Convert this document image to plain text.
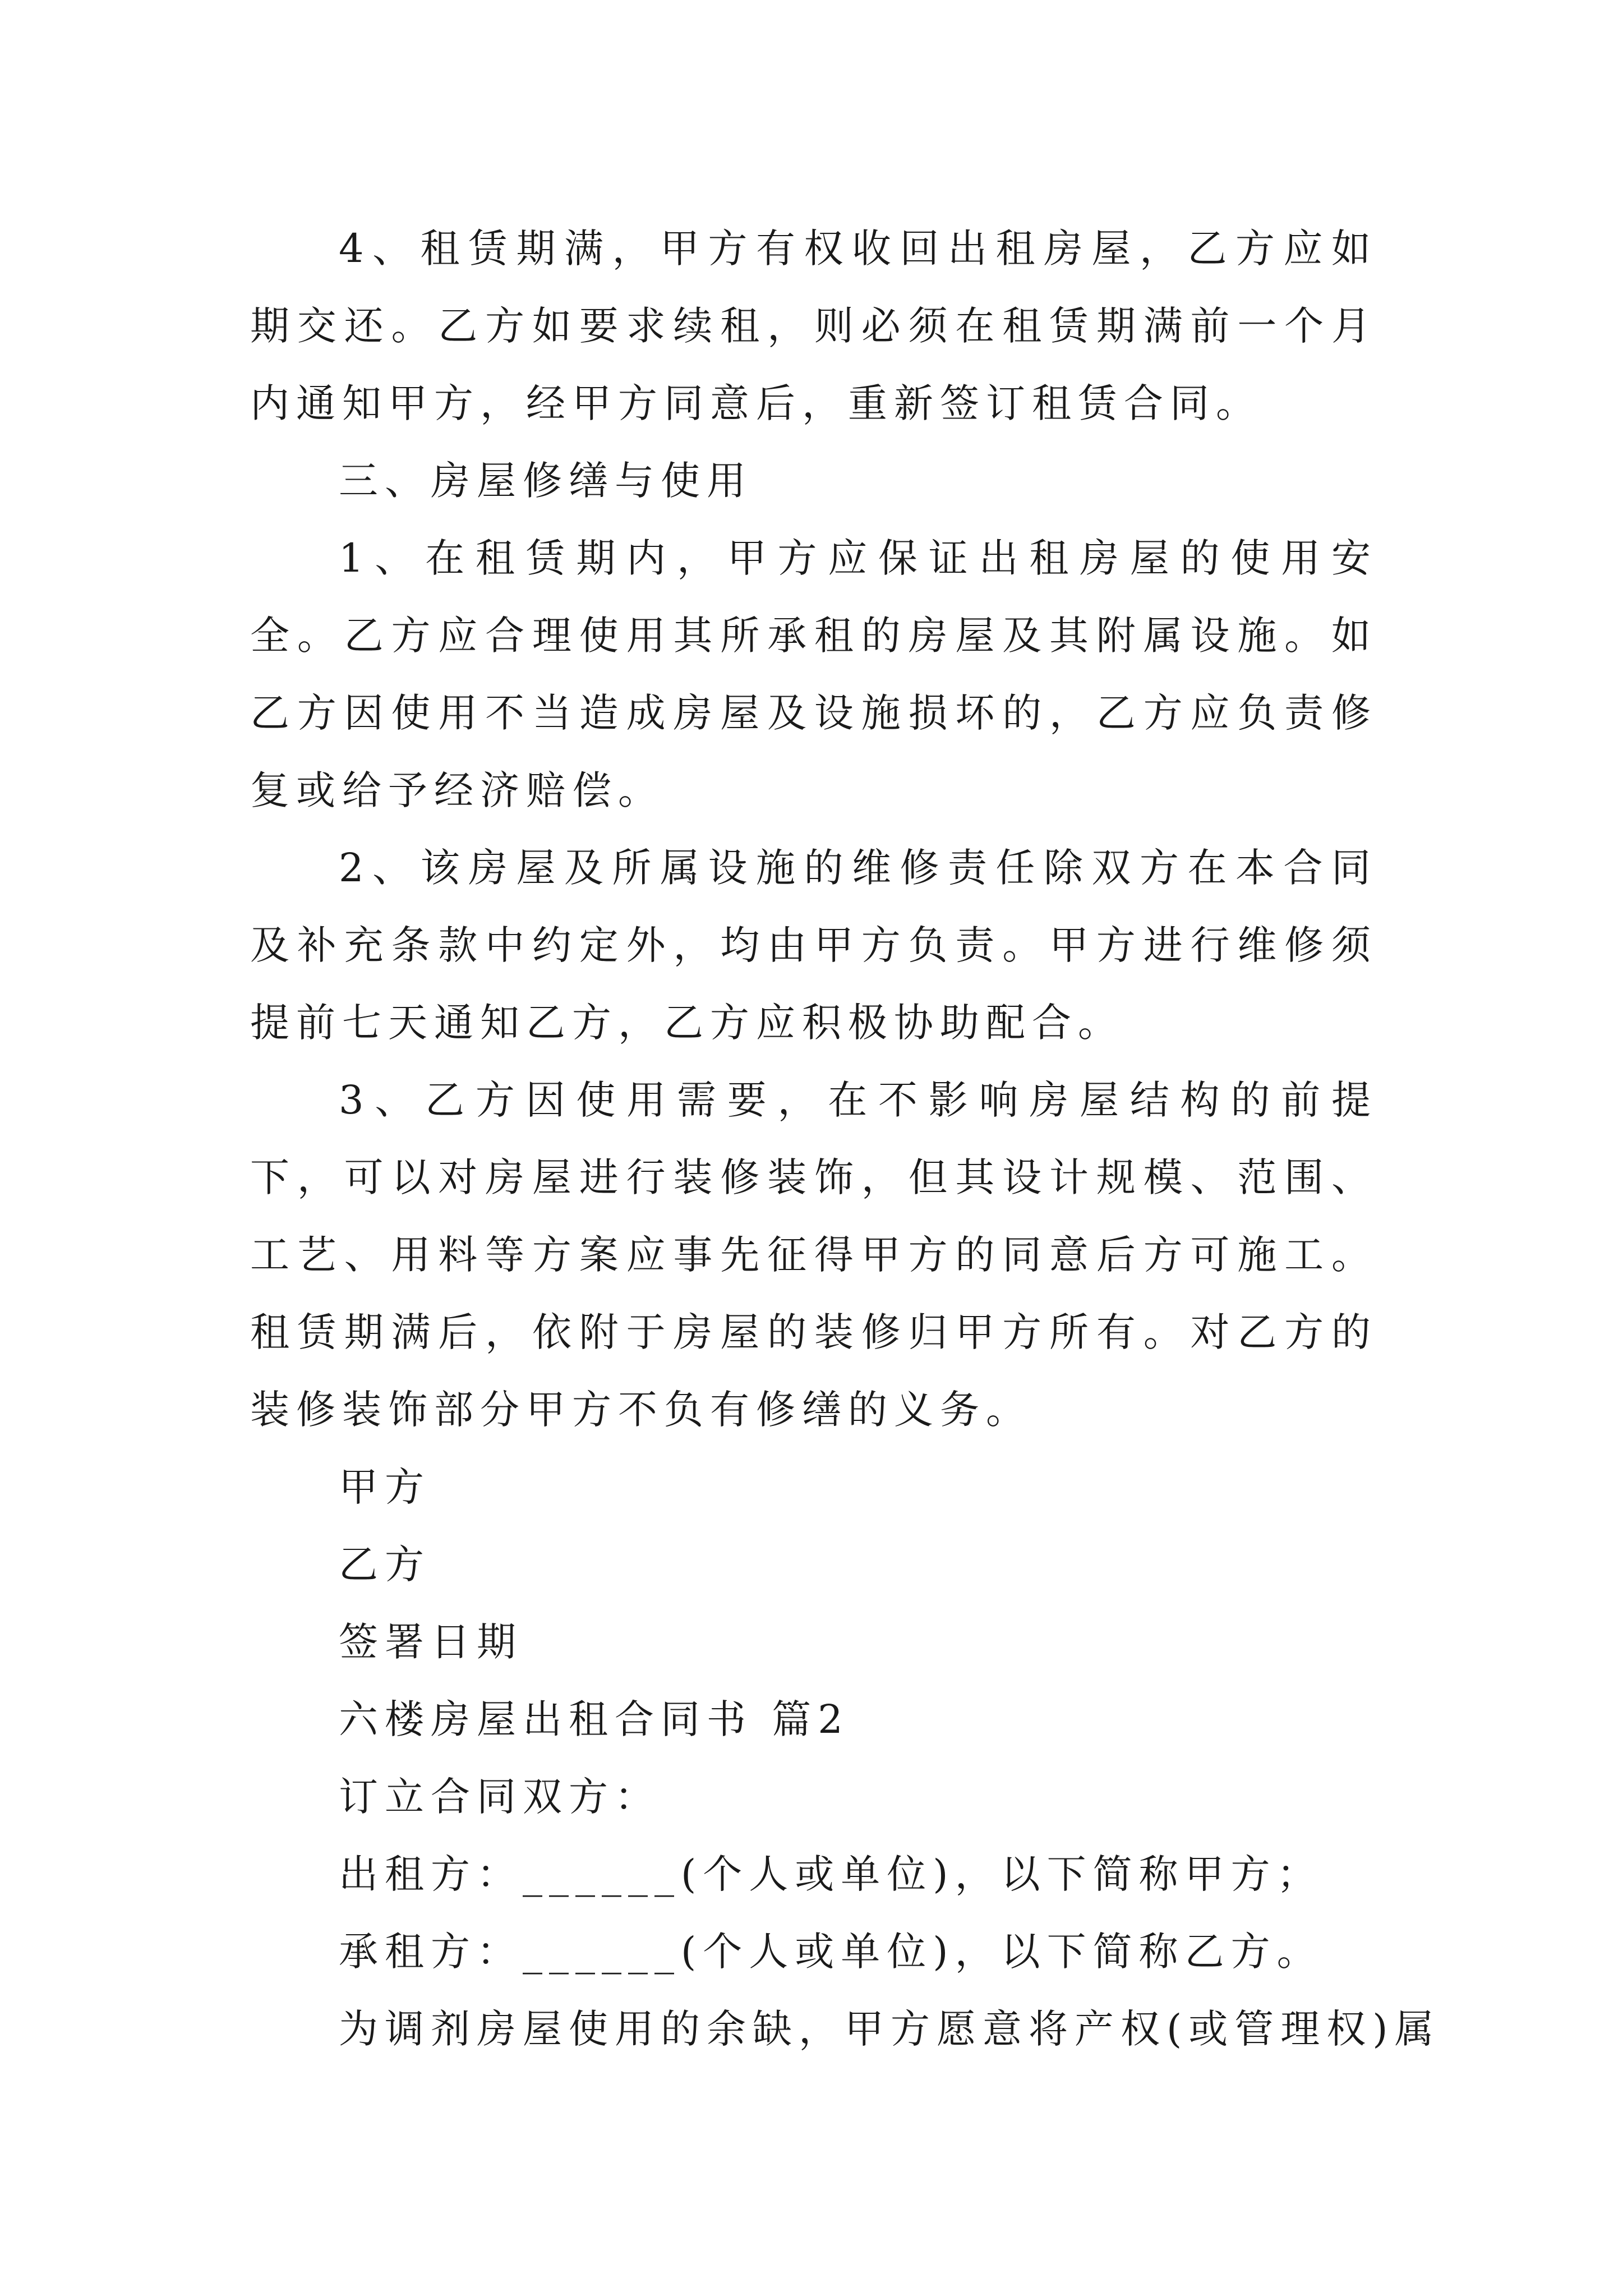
4、租赁期满，甲方有权收回出租房屋，乙方应如期交还。乙方如要求续租，则必须在租赁期满前一个月内通知甲方，经甲方同意后，重新签订租赁合同。

三、房屋修缮与使用

1、在租赁期内，甲方应保证出租房屋的使用安全。乙方应合理使用其所承租的房屋及其附属设施。如乙方因使用不当造成房屋及设施损坏的，乙方应负责修复或给予经济赔偿。

2、该房屋及所属设施的维修责任除双方在本合同及补充条款中约定外，均由甲方负责。甲方进行维修须提前七天通知乙方，乙方应积极协助配合。

3、乙方因使用需要，在不影响房屋结构的前提下，可以对房屋进行装修装饰，但其设计规模、范围、工艺、用料等方案应事先征得甲方的同意后方可施工。租赁期满后，依附于房屋的装修归甲方所有。对乙方的装修装饰部分甲方不负有修缮的义务。

甲方

乙方

签署日期

六楼房屋出租合同书 篇2

订立合同双方：

出租方：______(个人或单位)，以下简称甲方；

承租方：______(个人或单位)，以下简称乙方。

为调剂房屋使用的余缺，甲方愿意将产权(或管理权)属
